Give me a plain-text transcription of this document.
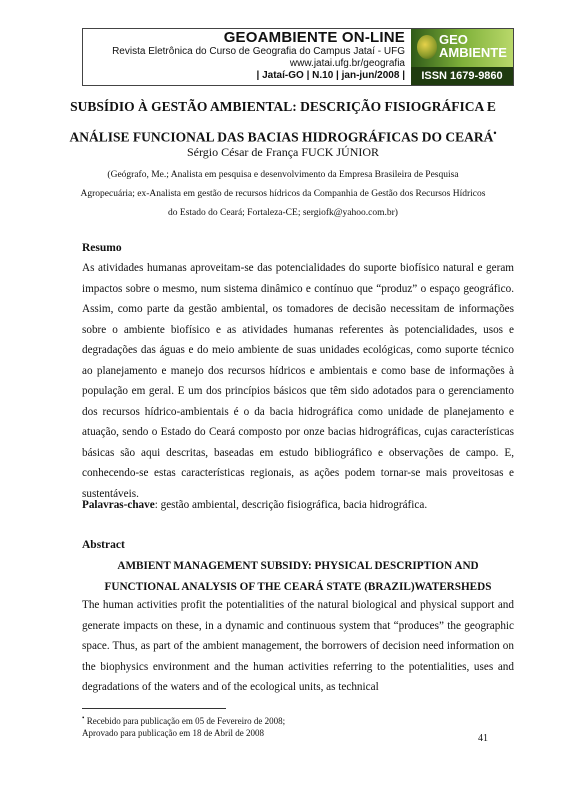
GEOAMBIENTE ON-LINE
Revista Eletrônica do Curso de Geografia do Campus Jataí - UFG
www.jatai.ufg.br/geografia
| Jataí-GO | N.10 | jan-jun/2008 |
GEO
AMBIENTE
ISSN 1679-9860
SUBSÍDIO À GESTÃO AMBIENTAL: DESCRIÇÃO FISIOGRÁFICA E ANÁLISE FUNCIONAL DAS BACIAS HIDROGRÁFICAS DO CEARÁ•
Sérgio César de França FUCK JÚNIOR
(Geógrafo, Me.; Analista em pesquisa e desenvolvimento da Empresa Brasileira de Pesquisa Agropecuária; ex-Analista em gestão de recursos hídricos da Companhia de Gestão dos Recursos Hídricos do Estado do Ceará; Fortaleza-CE; sergiofk@yahoo.com.br)
Resumo

As atividades humanas aproveitam-se das potencialidades do suporte biofísico natural e geram impactos sobre o mesmo, num sistema dinâmico e contínuo que “produz” o espaço geográfico. Assim, como parte da gestão ambiental, os tomadores de decisão necessitam de informações sobre o ambiente biofísico e as atividades humanas referentes às potencialidades, usos e degradações das águas e do meio ambiente de suas unidades ecológicas, como suporte técnico ao planejamento e manejo dos recursos hídricos e ambientais e como base de informações à população em geral. E um dos princípios básicos que têm sido adotados para o gerenciamento dos recursos hídrico-ambientais é o da bacia hidrográfica como unidade de planejamento e atuação, sendo o Estado do Ceará composto por onze bacias hidrográficas, cujas características básicas são aqui descritas, baseadas em estudo bibliográfico e observações de campo. E, conhecendo-se estas características regionais, as ações podem tornar-se mais proveitosas e sustentáveis.

Palavras-chave: gestão ambiental, descrição fisiográfica, bacia hidrográfica.
Abstract
AMBIENT MANAGEMENT SUBSIDY: PHYSICAL DESCRIPTION AND FUNCTIONAL ANALYSIS OF THE CEARÁ STATE (BRAZIL)WATERSHEDS

The human activities profit the potentialities of the natural biological and physical support and generate impacts on these, in a dynamic and continuous system that “produces” the geographic space. Thus, as part of the ambient management, the borrowers of decision need information on the biophysics environment and the human activities referring to the potentialities, uses and degradations of the waters and of the ecological units, as technical

• Recebido para publicação em 05 de Fevereiro de 2008;
Aprovado para publicação em 18 de Abril de 2008	41
